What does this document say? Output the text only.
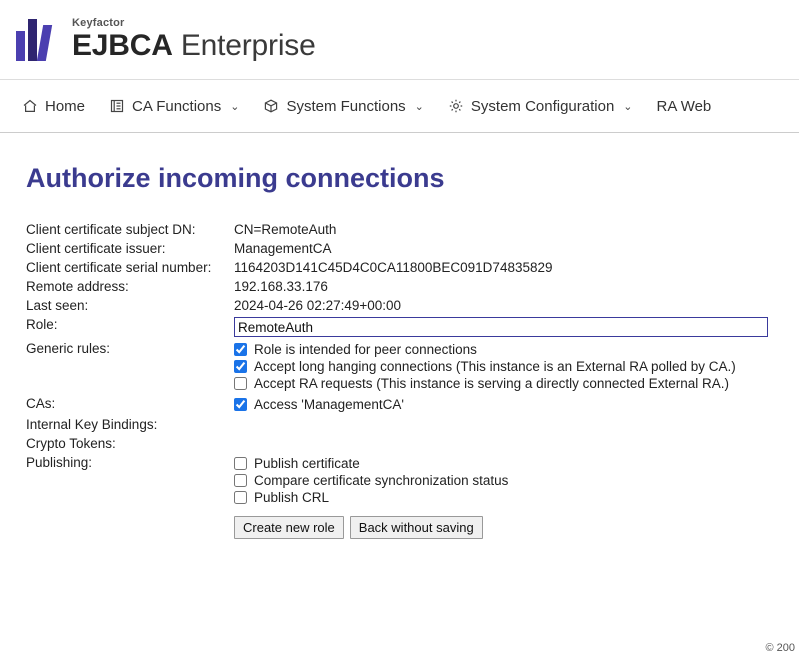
Keyfactor
EJBCA Enterprise
Home	CA Functions ⌄	System Functions ⌄	System Configuration ⌄ RA Web
Authorize incoming connections
Client certificate subject DN:	CN=RemoteAuth
Client certificate issuer:	ManagementCA
Client certificate serial number:	1164203D141C45D4C0CA11800BEC091D74835829
Remote address:	192.168.33.176
Last seen:	2024-04-26 02:27:49+00:00
Role:	RemoteAuth
Generic rules:	Role is intended for peer connections
Accept long hanging connections (This instance is an External RA polled by CA.)
Accept RA requests (This instance is serving a directly connected External RA.)

CAs:	Access 'ManagementCA'

Internal Key Bindings:	
Crypto Tokens:	
Publishing:	Publish certificate
Compare certificate synchronization status
Publish CRL
Create new role Back without saving
© 200
